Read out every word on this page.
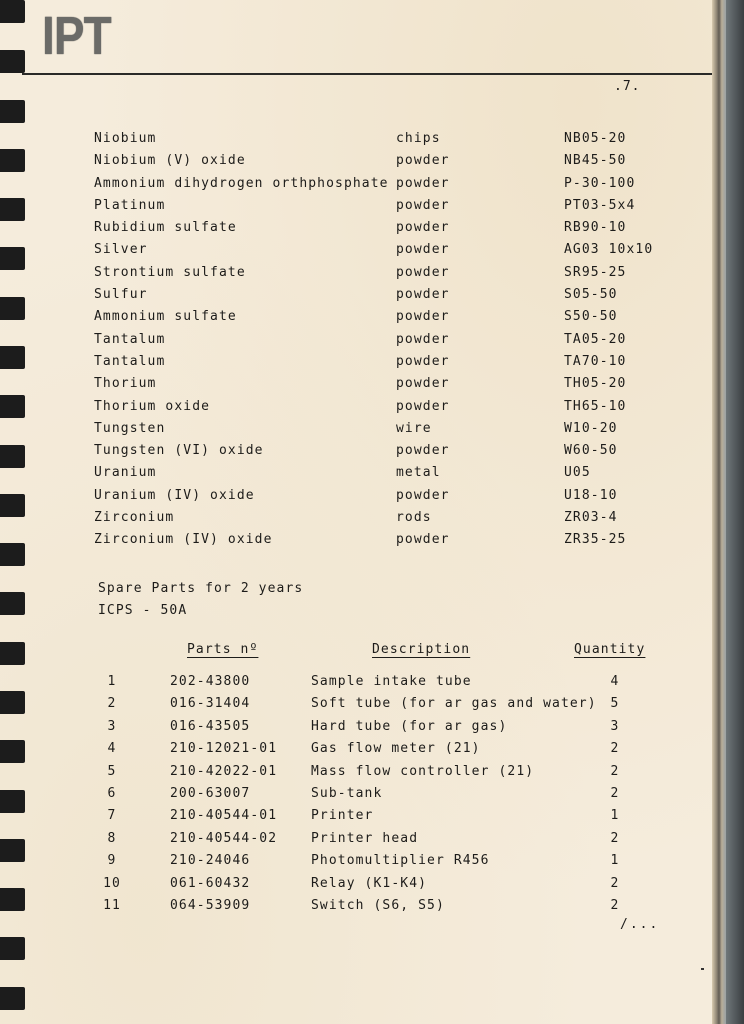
IPT
.7.
Niobium	chips	NB05-20
Niobium (V) oxide	powder	NB45-50
Ammonium dihydrogen orthphosphate powder	P-30-100
Platinum	powder	PT03-5x4
Rubidium sulfate	powder	RB90-10
Silver	powder	AG03 10x10
Strontium sulfate	powder	SR95-25
Sulfur	powder	S05-50
Ammonium sulfate	powder	S50-50
Tantalum	powder	TA05-20
Tantalum	powder	TA70-10
Thorium	powder	TH05-20
Thorium oxide	powder	TH65-10
Tungsten	wire	W10-20
Tungsten (VI) oxide	powder	W60-50
Uranium	metal	U05
Uranium (IV) oxide	powder	U18-10
Zirconium	rods	ZR03-4
Zirconium (IV) oxide	powder	ZR35-25
Spare Parts for 2 years
ICPS - 50A
Parts nº	Description	Quantity
1	202-43800	Sample intake tube	4
2	016-31404	Soft tube (for ar gas and water)	5
3	016-43505	Hard tube (for ar gas)	3
4	210-12021-01	Gas flow meter (21)	2
5	210-42022-01	Mass flow controller (21)	2
6	200-63007	Sub-tank	2
7	210-40544-01	Printer	1
8	210-40544-02	Printer head	2
9	210-24046	Photomultiplier R456	1
10	061-60432	Relay (K1-K4)	2
11	064-53909	Switch (S6, S5)	2
/...
